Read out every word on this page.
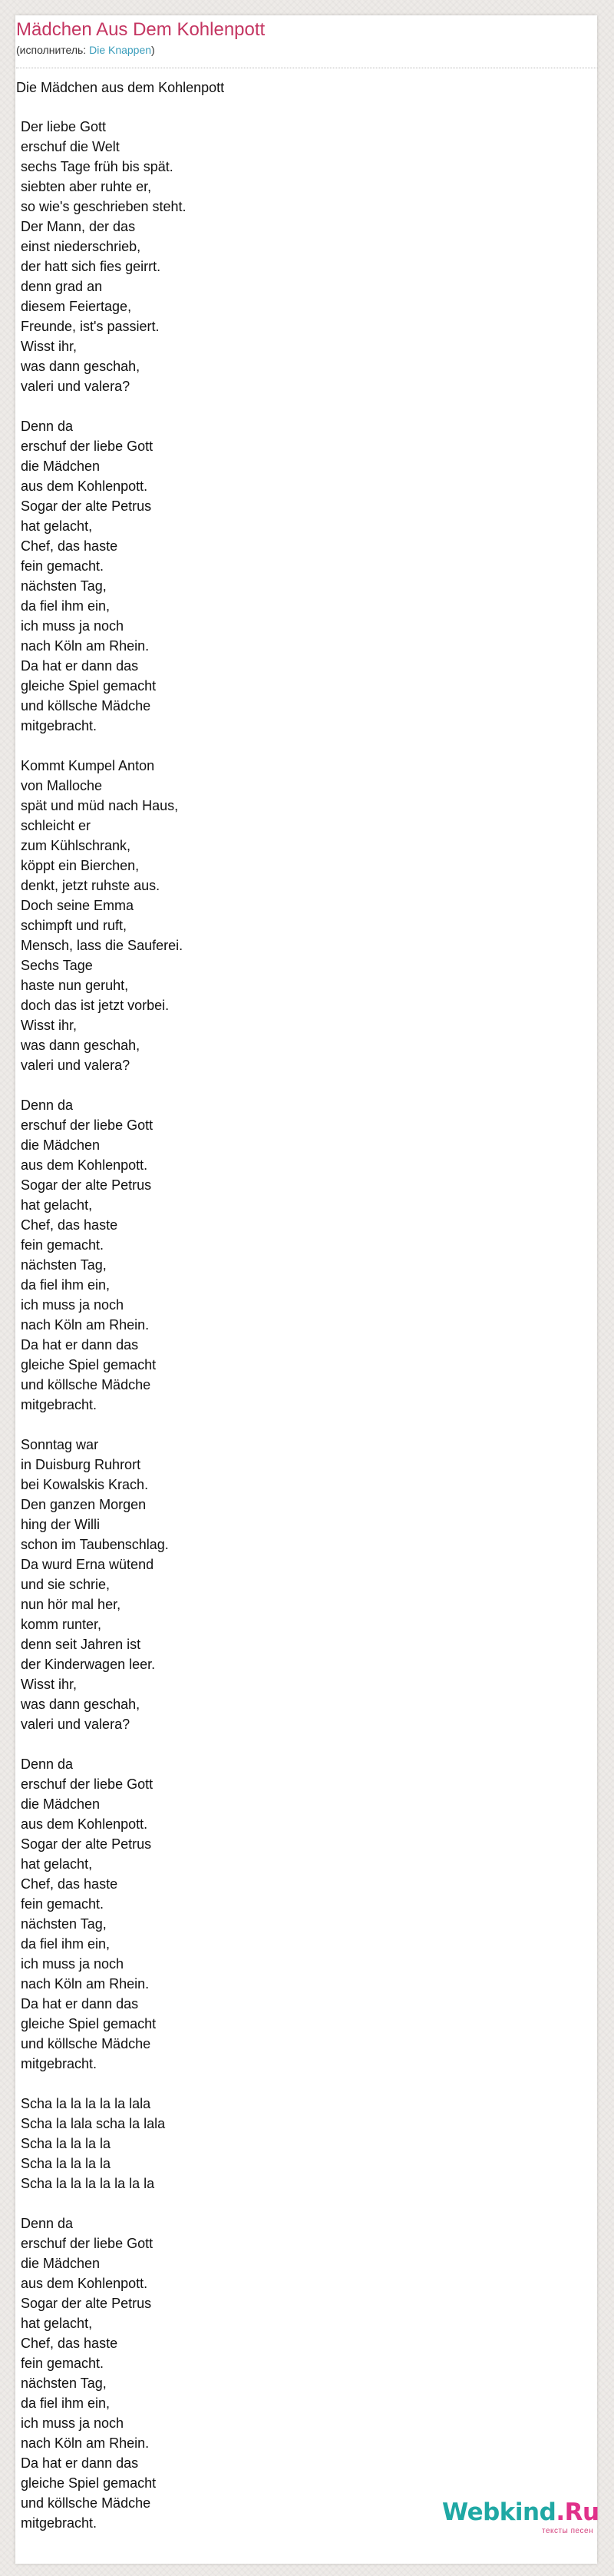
Mädchen Aus Dem Kohlenpott
(исполнитель: Die Knappen)
Die Mädchen aus dem Kohlenpott
Der liebe Gott
erschuf die Welt
sechs Tage früh bis spät.
siebten aber ruhte er,
so wie's geschrieben steht.
Der Mann, der das
einst niederschrieb,
der hatt sich fies geirrt.
denn grad an
diesem Feiertage,
Freunde, ist's passiert.
Wisst ihr,
was dann geschah,
valeri und valera?
Denn da
erschuf der liebe Gott
die Mädchen
aus dem Kohlenpott.
Sogar der alte Petrus
hat gelacht,
Chef, das haste
fein gemacht.
nächsten Tag,
da fiel ihm ein,
ich muss ja noch
nach Köln am Rhein.
Da hat er dann das
gleiche Spiel gemacht
und köllsche Mädche
mitgebracht.
Kommt Kumpel Anton
von Malloche
spät und müd nach Haus,
schleicht er
zum Kühlschrank,
köppt ein Bierchen,
denkt, jetzt ruhste aus.
Doch seine Emma
schimpft und ruft,
Mensch, lass die Sauferei.
Sechs Tage
haste nun geruht,
doch das ist jetzt vorbei.
Wisst ihr,
was dann geschah,
valeri und valera?
Denn da
erschuf der liebe Gott
die Mädchen
aus dem Kohlenpott.
Sogar der alte Petrus
hat gelacht,
Chef, das haste
fein gemacht.
nächsten Tag,
da fiel ihm ein,
ich muss ja noch
nach Köln am Rhein.
Da hat er dann das
gleiche Spiel gemacht
und köllsche Mädche
mitgebracht.
Sonntag war
in Duisburg Ruhrort
bei Kowalskis Krach.
Den ganzen Morgen
hing der Willi
schon im Taubenschlag.
Da wurd Erna wütend
und sie schrie,
nun hör mal her,
komm runter,
denn seit Jahren ist
der Kinderwagen leer.
Wisst ihr,
was dann geschah,
valeri und valera?
Denn da
erschuf der liebe Gott
die Mädchen
aus dem Kohlenpott.
Sogar der alte Petrus
hat gelacht,
Chef, das haste
fein gemacht.
nächsten Tag,
da fiel ihm ein,
ich muss ja noch
nach Köln am Rhein.
Da hat er dann das
gleiche Spiel gemacht
und köllsche Mädche
mitgebracht.
Scha la la la la la lala
Scha la lala scha la lala
Scha la la la la
Scha la la la la
Scha la la la la la la la
Denn da
erschuf der liebe Gott
die Mädchen
aus dem Kohlenpott.
Sogar der alte Petrus
hat gelacht,
Chef, das haste
fein gemacht.
nächsten Tag,
da fiel ihm ein,
ich muss ja noch
nach Köln am Rhein.
Da hat er dann das
gleiche Spiel gemacht
und köllsche Mädche
mitgebracht.	Webkind.Ru
тексты песен
